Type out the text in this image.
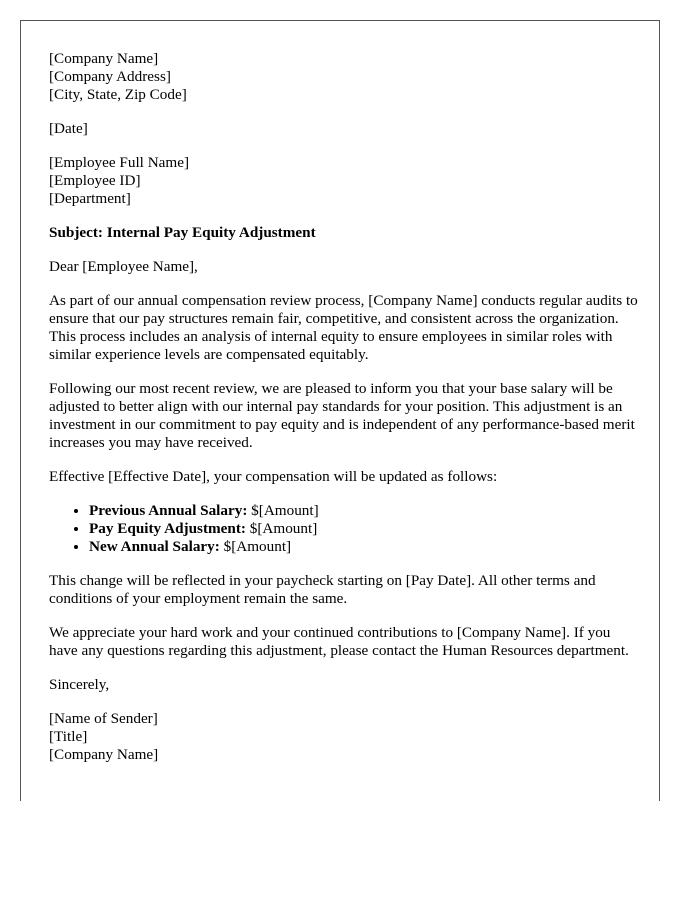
[Company Name]
[Company Address]
[City, State, Zip Code]
[Date]
[Employee Full Name]
[Employee ID]
[Department]

Subject: Internal Pay Equity Adjustment

Dear [Employee Name],

As part of our annual compensation review process, [Company Name] conducts regular audits to ensure that our pay structures remain fair, competitive, and consistent across the organization. This process includes an analysis of internal equity to ensure employees in similar roles with similar experience levels are compensated equitably.

Following our most recent review, we are pleased to inform you that your base salary will be adjusted to better align with our internal pay standards for your position. This adjustment is an investment in our commitment to pay equity and is independent of any performance-based merit increases you may have received.

Effective [Effective Date], your compensation will be updated as follows:

• Previous Annual Salary: $[Amount]
• Pay Equity Adjustment: $[Amount]
• New Annual Salary: $[Amount]

This change will be reflected in your paycheck starting on [Pay Date]. All other terms and conditions of your employment remain the same.

We appreciate your hard work and your continued contributions to [Company Name]. If you have any questions regarding this adjustment, please contact the Human Resources department.

Sincerely,

[Name of Sender]
[Title]
[Company Name]
